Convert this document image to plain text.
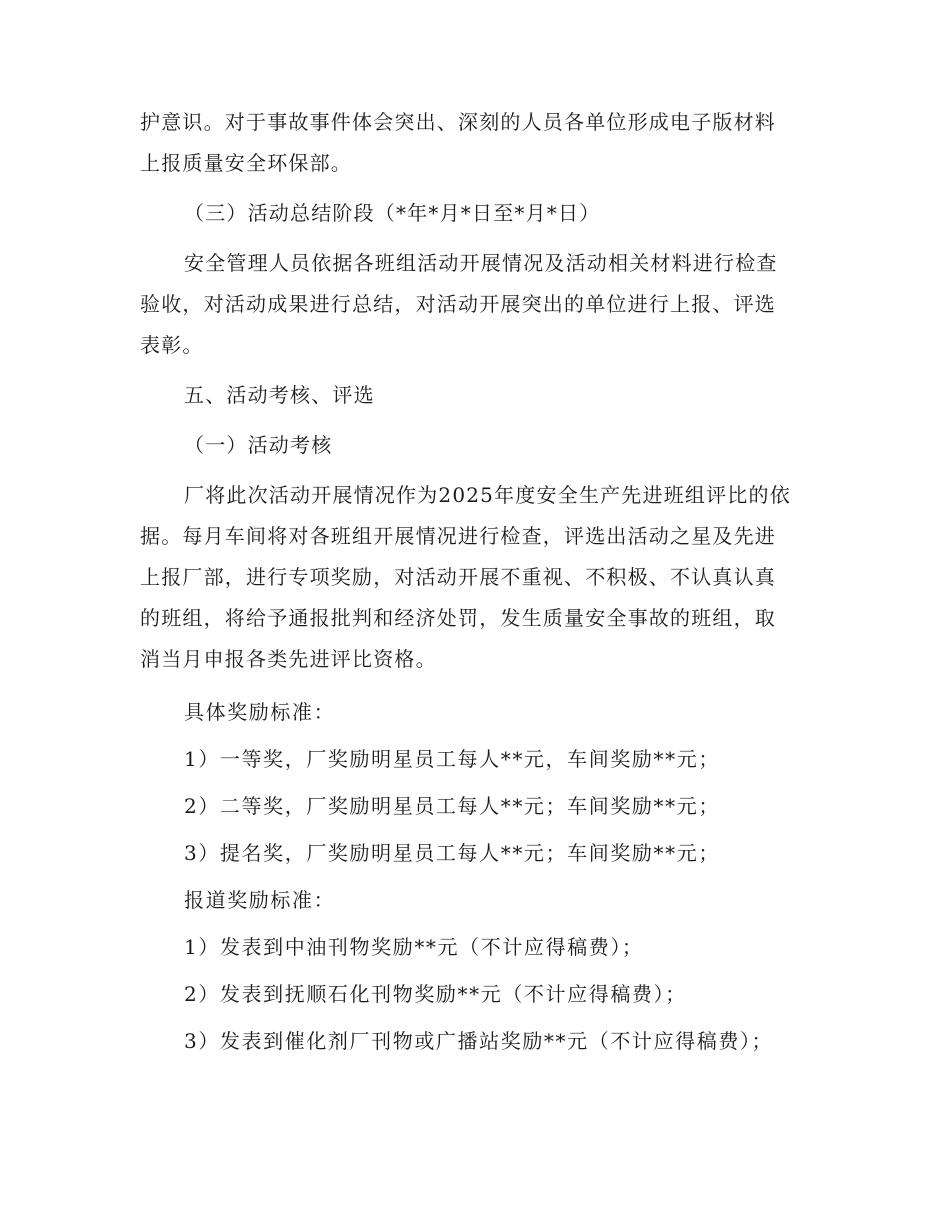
护意识。对于事故事件体会突出、深刻的人员各单位形成电子版材料
上报质量安全环保部。
（三）活动总结阶段（*年*月*日至*月*日）
安全管理人员依据各班组活动开展情况及活动相关材料进行检查
验收，对活动成果进行总结，对活动开展突出的单位进行上报、评选
表彰。
五、活动考核、评选
（一）活动考核
厂将此次活动开展情况作为2025年度安全生产先进班组评比的依
据。每月车间将对各班组开展情况进行检查，评选出活动之星及先进
上报厂部，进行专项奖励，对活动开展不重视、不积极、不认真认真
的班组，将给予通报批判和经济处罚，发生质量安全事故的班组，取
消当月申报各类先进评比资格。
具体奖励标准：
1）一等奖，厂奖励明星员工每人**元，车间奖励**元；
2）二等奖，厂奖励明星员工每人**元；车间奖励**元；
3）提名奖，厂奖励明星员工每人**元；车间奖励**元；
报道奖励标准：
1）发表到中油刊物奖励**元（不计应得稿费）；
2）发表到抚顺石化刊物奖励**元（不计应得稿费）；
3）发表到催化剂厂刊物或广播站奖励**元（不计应得稿费）；
